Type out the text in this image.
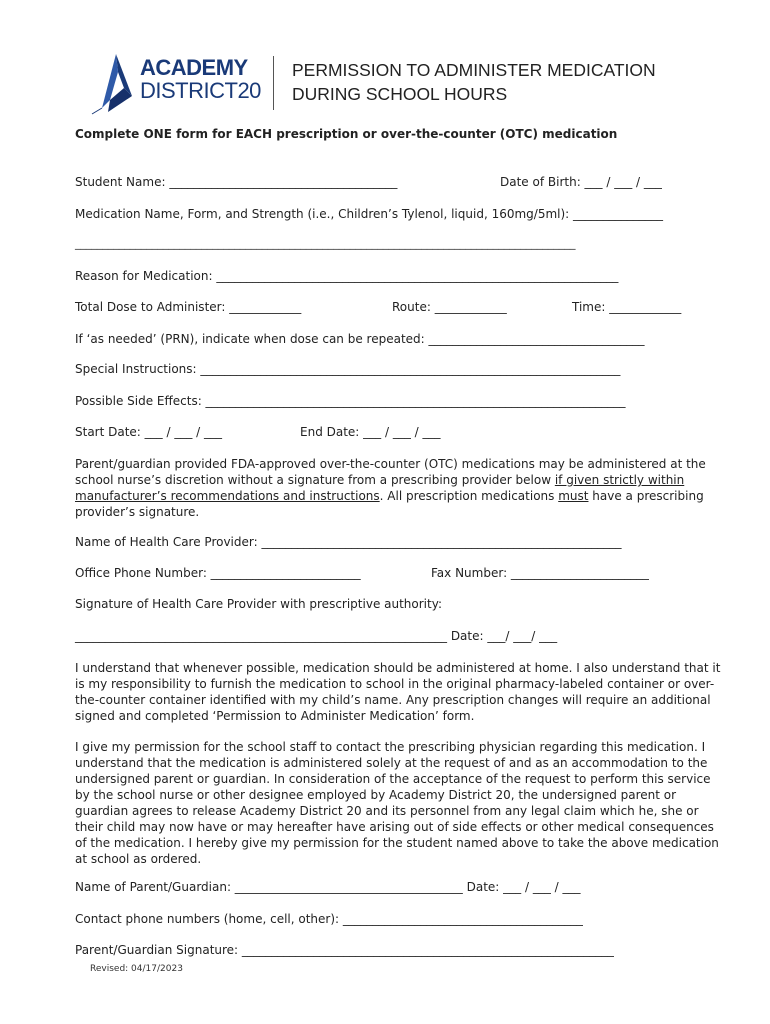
ACADEMY
DISTRICT20
PERMISSION TO ADMINISTER MEDICATION
DURING SCHOOL HOURS
Complete ONE form for EACH prescription or over-the-counter (OTC) medication
Student Name: ______________________________________	Date of Birth: ___ / ___ / ___
Medication Name, Form, and Strength (i.e., Children’s Tylenol, liquid, 160mg/5ml): _______________
___________________________________________________________________________________________
Reason for Medication: ___________________________________________________________________
Total Dose to Administer: ____________	Route: ____________	Time: ____________
If ‘as needed’ (PRN), indicate when dose can be repeated: ____________________________________
Special Instructions: ______________________________________________________________________
Possible Side Effects: ______________________________________________________________________
Start Date: ___ / ___ / ___	End Date: ___ / ___ / ___
Parent/guardian provided FDA-approved over-the-counter (OTC) medications may be administered at the school nurse’s discretion without a signature from a prescribing provider below if given strictly within manufacturer’s recommendations and instructions. All prescription medications must have a prescribing provider’s signature.
Name of Health Care Provider: ____________________________________________________________
Office Phone Number: _________________________	Fax Number: _______________________
Signature of Health Care Provider with prescriptive authority:
______________________________________________________________ Date: ___/ ___/ ___
I understand that whenever possible, medication should be administered at home. I also understand that it is my responsibility to furnish the medication to school in the original pharmacy-labeled container or over-the-counter container identified with my child’s name. Any prescription changes will require an additional signed and completed ‘Permission to Administer Medication’ form.
I give my permission for the school staff to contact the prescribing physician regarding this medication. I understand that the medication is administered solely at the request of and as an accommodation to the undersigned parent or guardian. In consideration of the acceptance of the request to perform this service by the school nurse or other designee employed by Academy District 20, the undersigned parent or guardian agrees to release Academy District 20 and its personnel from any legal claim which he, she or their child may now have or may hereafter have arising out of side effects or other medical consequences of the medication. I hereby give my permission for the student named above to take the above medication at school as ordered.
Name of Parent/Guardian: ______________________________________ Date: ___ / ___ / ___
Contact phone numbers (home, cell, other): ________________________________________
Parent/Guardian Signature: ______________________________________________________________
Revised: 04/17/2023
